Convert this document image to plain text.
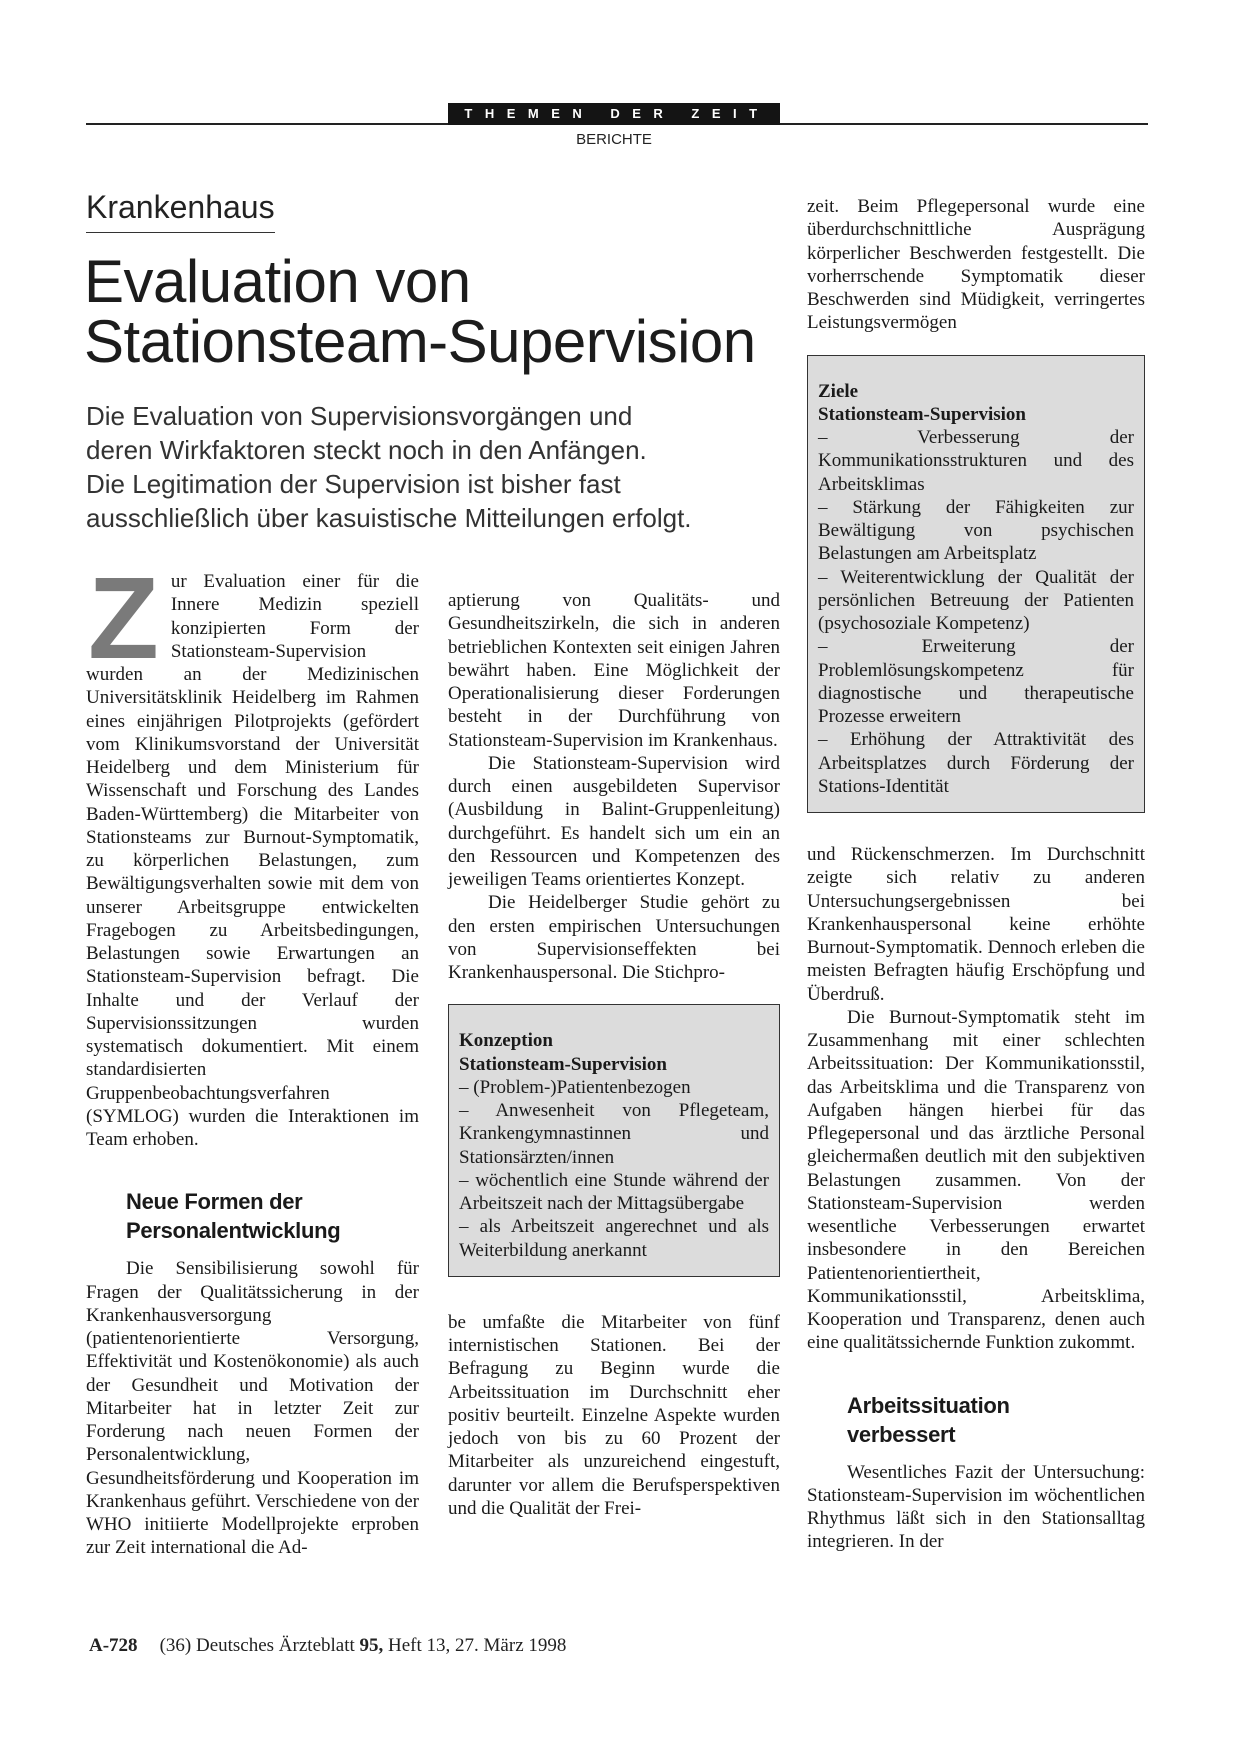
THEMEN DER ZEIT
BERICHTE
Krankenhaus
Evaluation von
Stationsteam-Supervision
Die Evaluation von Supervisionsvorgängen und
deren Wirkfaktoren steckt noch in den Anfängen.
Die Legitimation der Supervision ist bisher fast
ausschließlich über kasuistische Mitteilungen erfolgt.
Z ur Evaluation einer für die Innere Medizin speziell konzipierten Form der Stationsteam-Supervision wurden an der Medizinischen Universitätsklinik Heidelberg im Rahmen eines einjährigen Pilotprojekts (gefördert vom Klinikumsvorstand der Universität Heidelberg und dem Ministerium für Wissenschaft und Forschung des Landes Baden-Württemberg) die Mitarbeiter von Stationsteams zur Burnout-Symptomatik, zu körperlichen Belastungen, zum Bewältigungsverhalten sowie mit dem von unserer Arbeitsgruppe entwickelten Fragebogen zu Arbeitsbedingungen, Belastungen sowie Erwartungen an Stationsteam-Supervision befragt. Die Inhalte und der Verlauf der Supervisionssitzungen wurden systematisch dokumentiert. Mit einem standardisierten Gruppenbeobachtungsverfahren (SYMLOG) wurden die Interaktionen im Team erhoben.

Neue Formen der
Personalentwicklung

Die Sensibilisierung sowohl für Fragen der Qualitätssicherung in der Krankenhausversorgung (patientenorientierte Versorgung, Effektivität und Kostenökonomie) als auch der Gesundheit und Motivation der Mitarbeiter hat in letzter Zeit zur Forderung nach neuen Formen der Personalentwicklung, Gesundheitsförderung und Kooperation im Krankenhaus geführt. Verschiedene von der WHO initiierte Modellprojekte erproben zur Zeit international die Ad-

aptierung von Qualitäts- und Gesundheitszirkeln, die sich in anderen betrieblichen Kontexten seit einigen Jahren bewährt haben. Eine Möglichkeit der Operationalisierung dieser Forderungen besteht in der Durchführung von Stationsteam-Supervision im Krankenhaus.

Die Stationsteam-Supervision wird durch einen ausgebildeten Supervisor (Ausbildung in Balint-Gruppenleitung) durchgeführt. Es handelt sich um ein an den Ressourcen und Kompetenzen des jeweiligen Teams orientiertes Konzept.

Die Heidelberger Studie gehört zu den ersten empirischen Untersuchungen von Supervisionseffekten bei Krankenhauspersonal. Die Stichpro-

Konzeption
Stationsteam-Supervision
– (Problem-)Patientenbezogen
– Anwesenheit von Pflegeteam, Krankengymnastinnen und Stationsärzten/innen
– wöchentlich eine Stunde während der Arbeitszeit nach der Mittagsübergabe
– als Arbeitszeit angerechnet und als Weiterbildung anerkannt

be umfaßte die Mitarbeiter von fünf internistischen Stationen. Bei der Befragung zu Beginn wurde die Arbeitssituation im Durchschnitt eher positiv beurteilt. Einzelne Aspekte wurden jedoch von bis zu 60 Prozent der Mitarbeiter als unzureichend eingestuft, darunter vor allem die Berufsperspektiven und die Qualität der Frei-

zeit. Beim Pflegepersonal wurde eine überdurchschnittliche Ausprägung körperlicher Beschwerden festgestellt. Die vorherrschende Symptomatik dieser Beschwerden sind Müdigkeit, verringertes Leistungsvermögen

Ziele
Stationsteam-Supervision
– Verbesserung der Kommunikationsstrukturen und des Arbeitsklimas
– Stärkung der Fähigkeiten zur Bewältigung von psychischen Belastungen am Arbeitsplatz
– Weiterentwicklung der Qualität der persönlichen Betreuung der Patienten (psychosoziale Kompetenz)
– Erweiterung der Problemlösungskompetenz für diagnostische und therapeutische Prozesse erweitern
– Erhöhung der Attraktivität des Arbeitsplatzes durch Förderung der Stations-Identität

und Rückenschmerzen. Im Durchschnitt zeigte sich relativ zu anderen Untersuchungsergebnissen bei Krankenhauspersonal keine erhöhte Burnout-Symptomatik. Dennoch erleben die meisten Befragten häufig Erschöpfung und Überdruß.

Die Burnout-Symptomatik steht im Zusammenhang mit einer schlechten Arbeitssituation: Der Kommunikationsstil, das Arbeitsklima und die Transparenz von Aufgaben hängen hierbei für das Pflegepersonal und das ärztliche Personal gleichermaßen deutlich mit den subjektiven Belastungen zusammen. Von der Stationsteam-Supervision werden wesentliche Verbesserungen erwartet insbesondere in den Bereichen Patientenorientiertheit, Kommunikationsstil, Arbeitsklima, Kooperation und Transparenz, denen auch eine qualitätssichernde Funktion zukommt.

Arbeitssituation
verbessert

Wesentliches Fazit der Untersuchung: Stationsteam-Supervision im wöchentlichen Rhythmus läßt sich in den Stationsalltag integrieren. In der

A-728 (36) Deutsches Ärzteblatt 95, Heft 13, 27. März 1998
